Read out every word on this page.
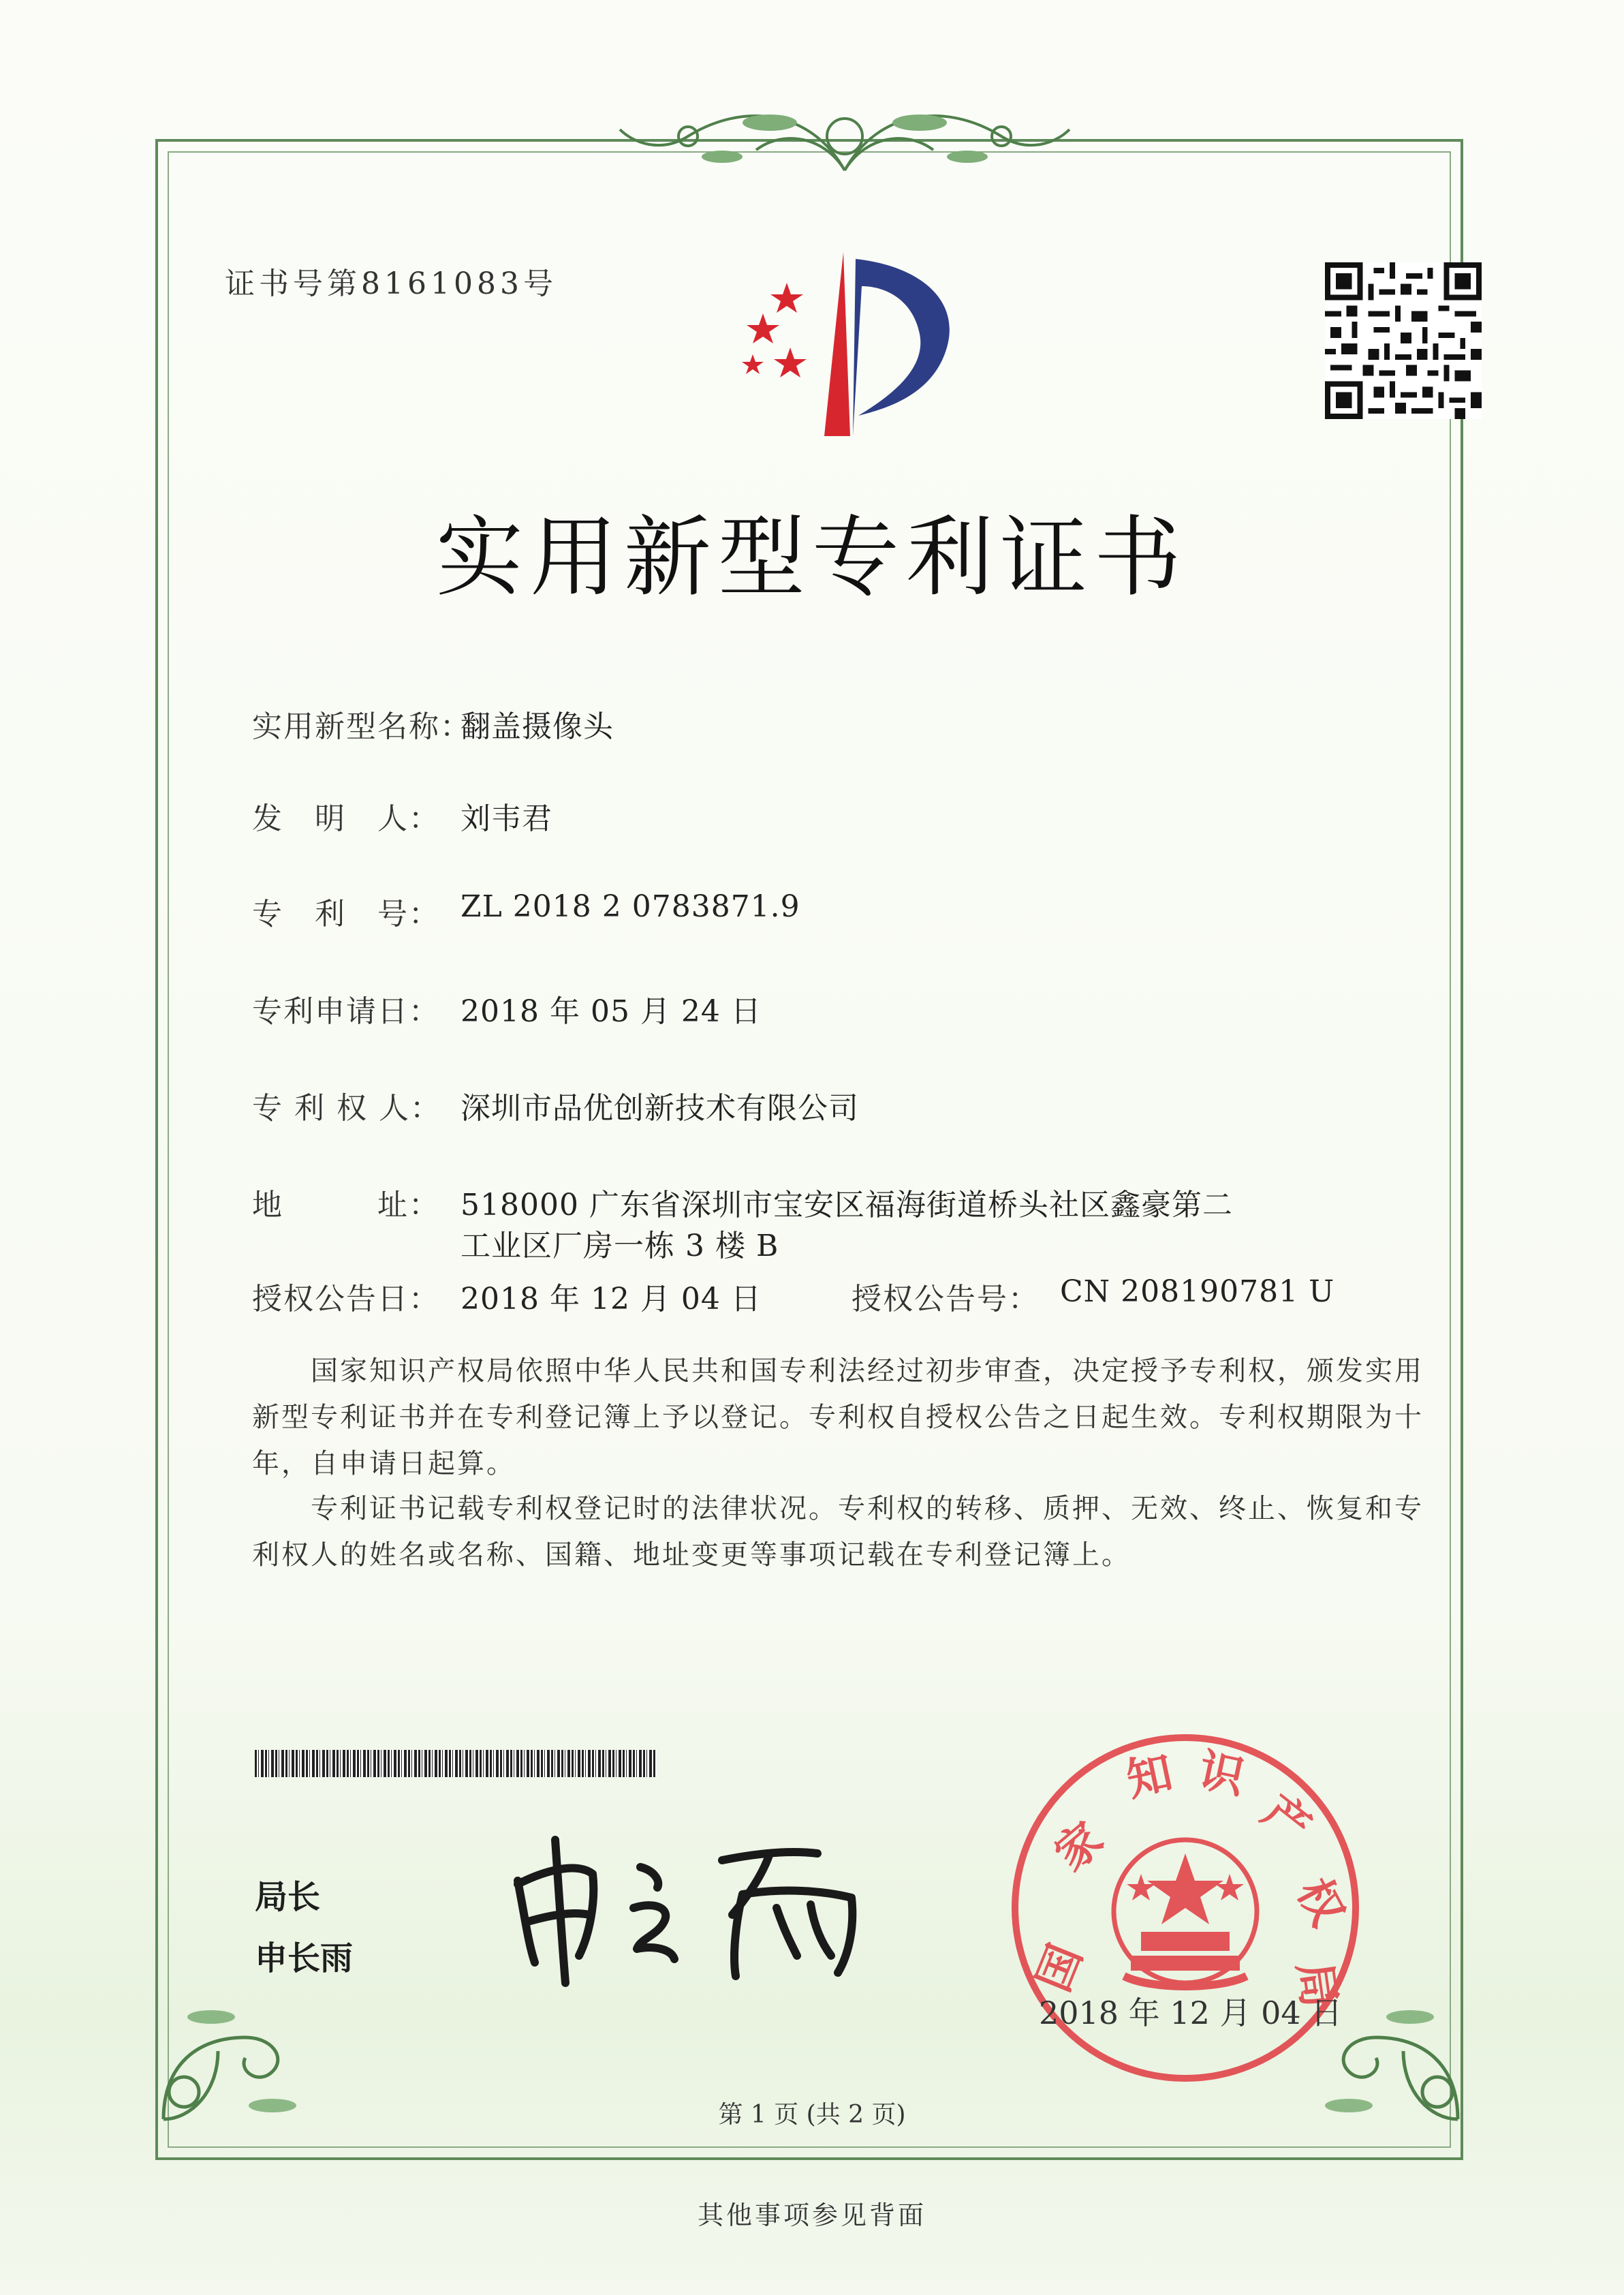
证书号第8161083号
实用新型专利证书
实用新型名称：
翻盖摄像头
发　明　人： 刘韦君
专　利　号： ZL 2018 2 0783871.9
专利申请日： 2018 年 05 月 24 日
专 利 权 人： 深圳市品优创新技术有限公司
地　　　址： 518000 广东省深圳市宝安区福海街道桥头社区鑫豪第二
工业区厂房一栋 3 楼 B
授权公告日： 2018 年 12 月 04 日	授权公告号： CN 208190781 U
国家知识产权局依照中华人民共和国专利法经过初步审查，决定授予专利权，颁发实用新型专利证书并在专利登记簿上予以登记。专利权自授权公告之日起生效。专利权期限为十年，自申请日起算。
专利证书记载专利权登记时的法律状况。专利权的转移、质押、无效、终止、恢复和专利权人的姓名或名称、国籍、地址变更等事项记载在专利登记簿上。
局长
申长雨	国
家
知 识
产
权
局
2018 年 12 月 04 日
第 1 页 (共 2 页)
其他事项参见背面
